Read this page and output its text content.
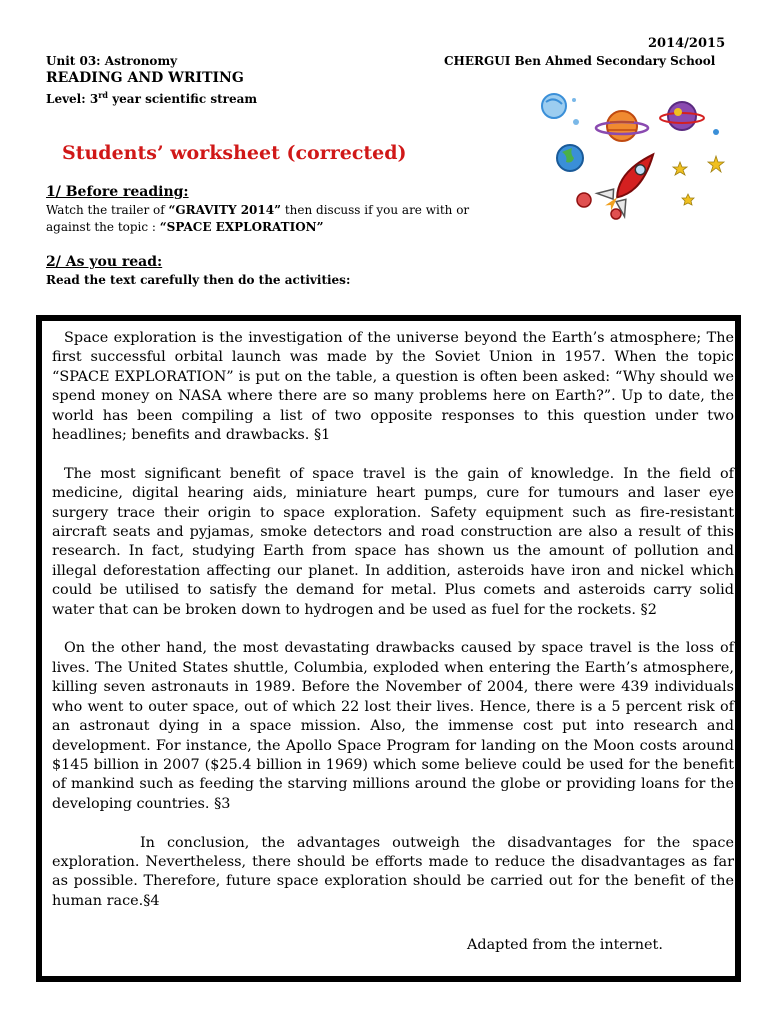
2014/2015
Unit 03: Astronomy	CHERGUI Ben Ahmed Secondary School
READING AND WRITING
Level: 3rd year scientific stream
Students’ worksheet (corrected)
1/ Before reading:
Watch the trailer of “GRAVITY 2014” then discuss if you are with or against the topic : “SPACE EXPLORATION”
2/ As you read:
Read the text carefully then do the activities:

Space exploration is the investigation of the universe beyond the Earth’s atmosphere; The first successful orbital launch was made by the Soviet Union in 1957. When the topic “SPACE EXPLORATION” is put on the table, a question is often been asked: “Why should we spend money on NASA where there are so many problems here on Earth?”. Up to date, the world has been compiling a list of two opposite responses to this question under two headlines; benefits and drawbacks. §1

The most significant benefit of space travel is the gain of knowledge. In the field of medicine, digital hearing aids, miniature heart pumps, cure for tumours and laser eye surgery trace their origin to space exploration. Safety equipment such as fire-resistant aircraft seats and pyjamas, smoke detectors and road construction are also a result of this research. In fact, studying Earth from space has shown us the amount of pollution and illegal deforestation affecting our planet. In addition, asteroids have iron and nickel which could be utilised to satisfy the demand for metal. Plus comets and asteroids carry solid water that can be broken down to hydrogen and be used as fuel for the rockets. §2

On the other hand, the most devastating drawbacks caused by space travel is the loss of lives. The United States shuttle, Columbia, exploded when entering the Earth’s atmosphere, killing seven astronauts in 1989. Before the November of 2004, there were 439 individuals who went to outer space, out of which 22 lost their lives. Hence, there is a 5 percent risk of an astronaut dying in a space mission. Also, the immense cost put into research and development. For instance, the Apollo Space Program for landing on the Moon costs around $145 billion in 2007 ($25.4 billion in 1969) which some believe could be used for the benefit of mankind such as feeding the starving millions around the globe or providing loans for the developing countries. §3

In conclusion, the advantages outweigh the disadvantages for the space exploration. Nevertheless, there should be efforts made to reduce the disadvantages as far as possible. Therefore, future space exploration should be carried out for the benefit of the human race.§4

Adapted from the internet.
